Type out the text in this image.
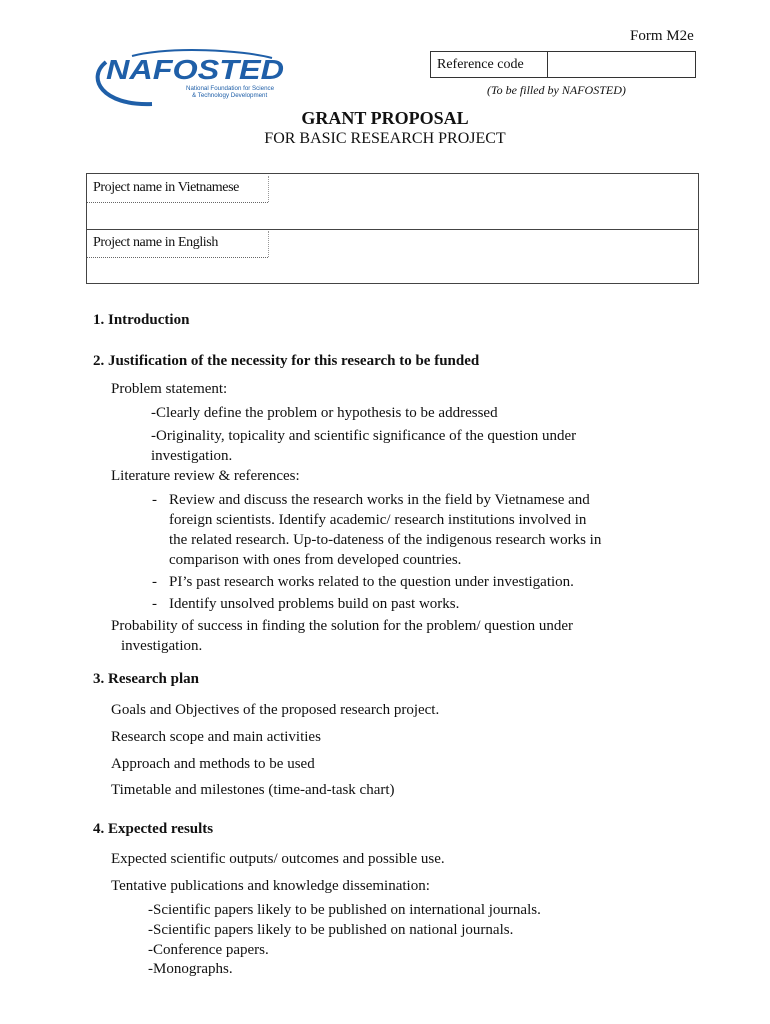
Form M2e
Reference code
(To be filled by NAFOSTED)
NAFOSTED
National Foundation for Science
& Technology Development
GRANT PROPOSAL
FOR BASIC RESEARCH PROJECT
Project name in Vietnamese
Project name in English
1. Introduction
2. Justification of the necessity for this research to be funded
Problem statement:
-Clearly define the problem or hypothesis to be addressed
-Originality, topicality and scientific significance of the question under
investigation.
Literature review & references:
- Review and discuss the research works in the field by Vietnamese and
foreign scientists. Identify academic/ research institutions involved in
the related research. Up-to-dateness of the indigenous research works in
comparison with ones from developed countries.
- PI’s past research works related to the question under investigation.
- Identify unsolved problems build on past works.
Probability of success in finding the solution for the problem/ question under
investigation.
3. Research plan
Goals and Objectives of the proposed research project.
Research scope and main activities
Approach and methods to be used
Timetable and milestones (time-and-task chart)
4. Expected results
Expected scientific outputs/ outcomes and possible use.
Tentative publications and knowledge dissemination:
-Scientific papers likely to be published on international journals.
-Scientific papers likely to be published on national journals.
-Conference papers.
-Monographs.
